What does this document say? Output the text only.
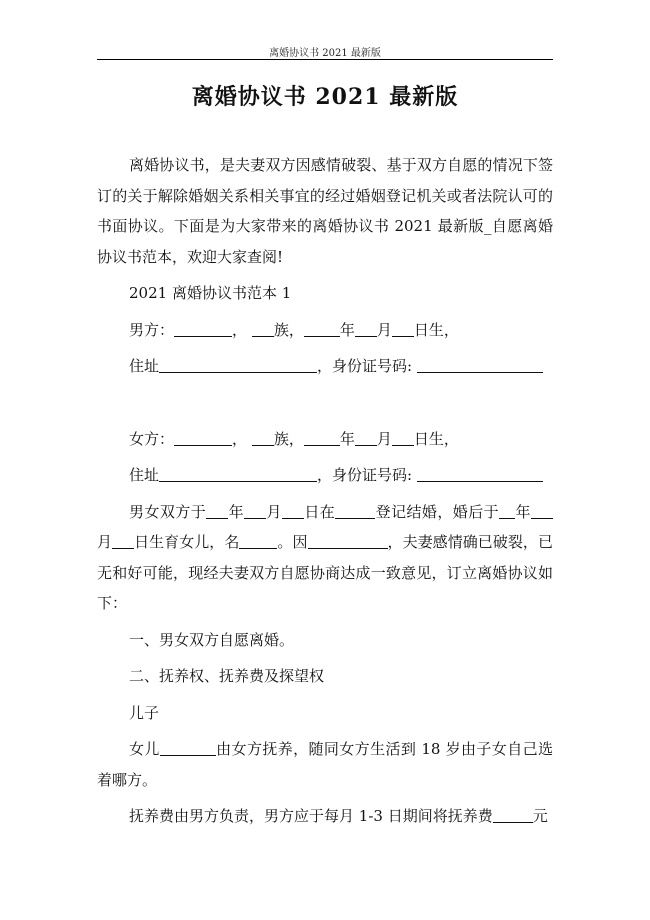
离婚协议书 2021 最新版
离婚协议书 2021 最新版

离婚协议书，是夫妻双方因感情破裂、基于双方自愿的情况下签订的关于解除婚姻关系相关事宜的经过婚姻登记机关或者法院认可的书面协议。下面是为大家带来的离婚协议书 2021 最新版_自愿离婚协议书范本，欢迎大家查阅!

2021 离婚协议书范本 1

男方：	， 族， 年 月 日生，

住址	，身份证号码:

女方：	， 族， 年 月 日生，

住址	，身份证号码:

男女双方于 年 月 日在	登记结婚，婚后于 年月 日生育女儿，名	。因	，夫妻感情确已破裂，已无和好可能，现经夫妻双方自愿协商达成一致意见，订立离婚协议如下：

一、男女双方自愿离婚。

二、抚养权、抚养费及探望权

儿子

女儿	由女方抚养，随同女方生活到 18 岁由子女自己选着哪方。

抚养费由男方负责，男方应于每月 1-3 日期间将抚养费	元
